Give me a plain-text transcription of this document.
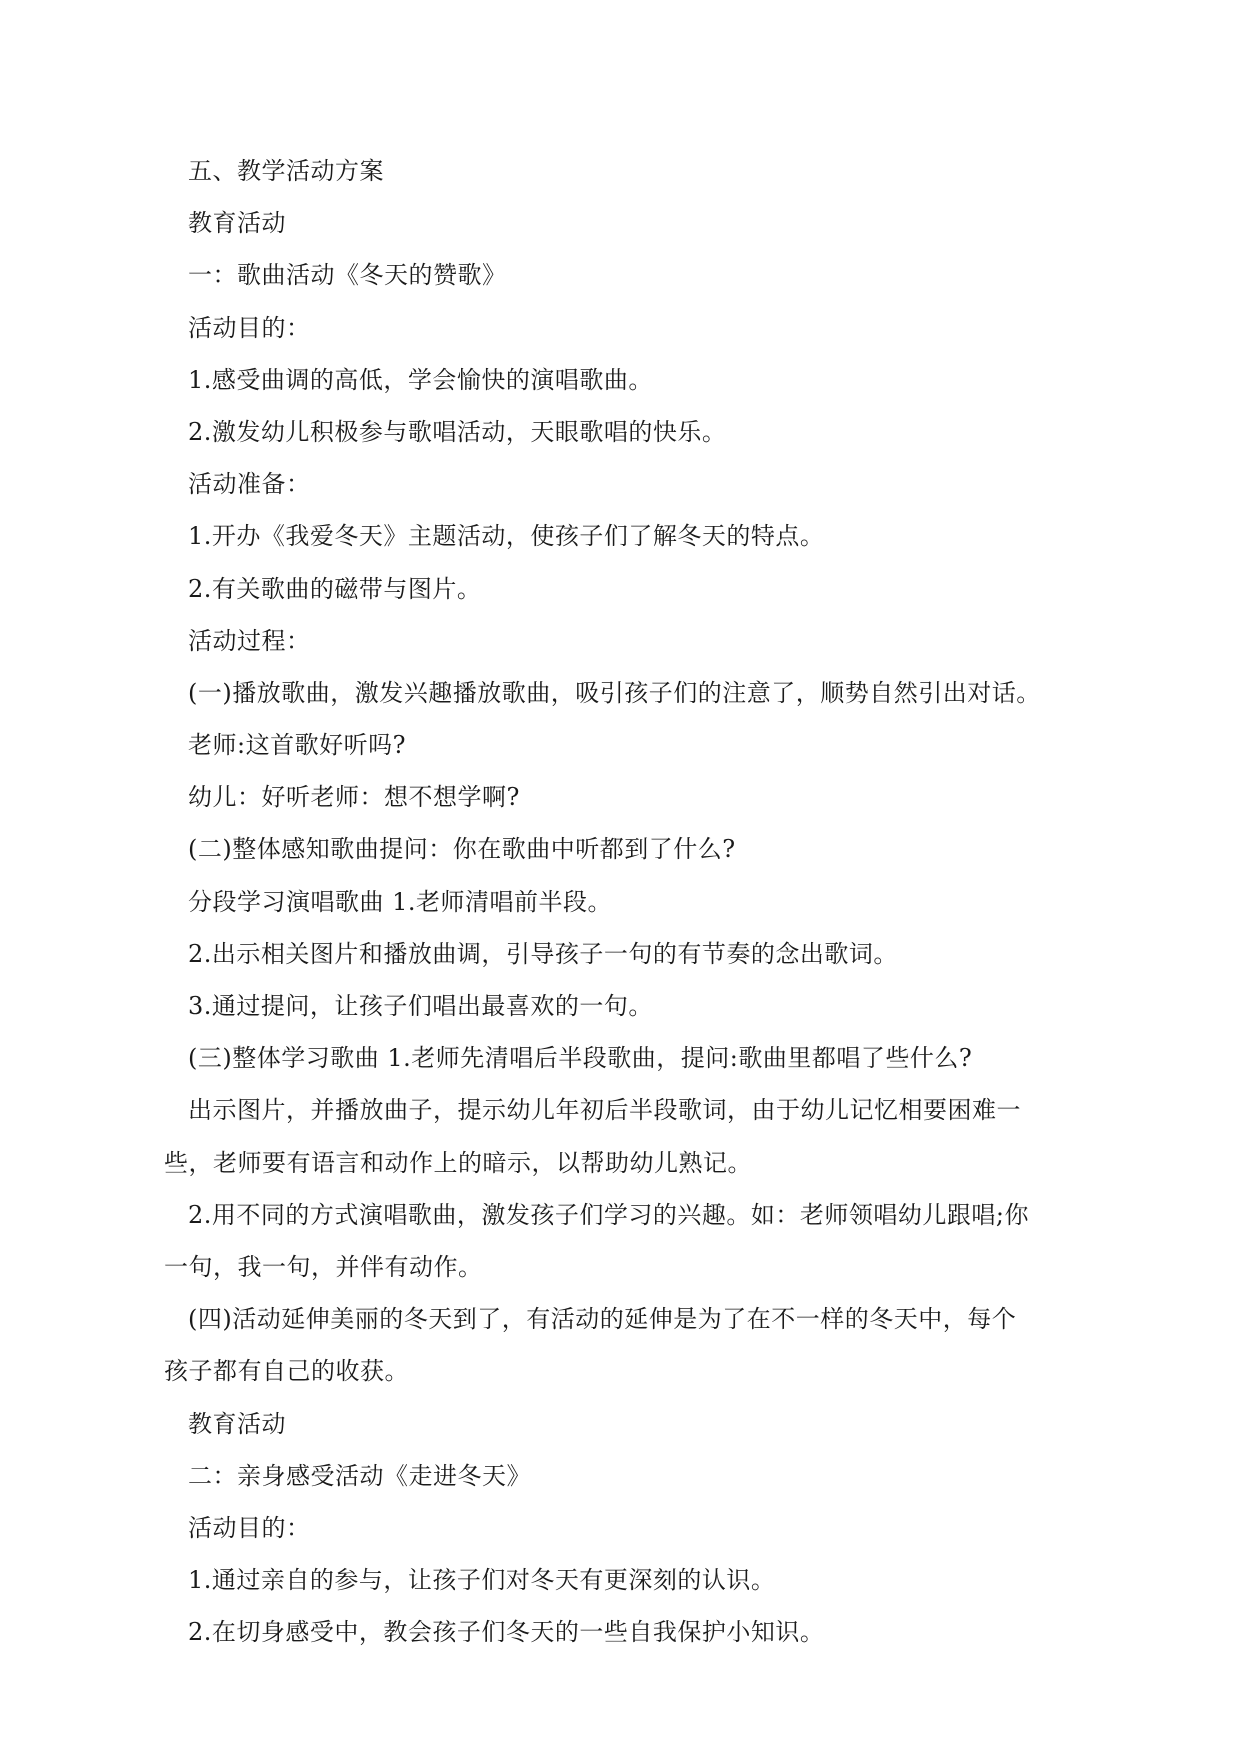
五、教学活动方案
教育活动
一：歌曲活动《冬天的赞歌》
活动目的：
1.感受曲调的高低，学会愉快的演唱歌曲。
2.激发幼儿积极参与歌唱活动，天眼歌唱的快乐。
活动准备：
1.开办《我爱冬天》主题活动，使孩子们了解冬天的特点。
2.有关歌曲的磁带与图片。
活动过程：
(一)播放歌曲，激发兴趣播放歌曲，吸引孩子们的注意了，顺势自然引出对话。
老师:这首歌好听吗?
幼儿：好听老师：想不想学啊?
(二)整体感知歌曲提问：你在歌曲中听都到了什么?
分段学习演唱歌曲 1.老师清唱前半段。
2.出示相关图片和播放曲调，引导孩子一句的有节奏的念出歌词。
3.通过提问，让孩子们唱出最喜欢的一句。
(三)整体学习歌曲 1.老师先清唱后半段歌曲，提问:歌曲里都唱了些什么?
出示图片，并播放曲子，提示幼儿年初后半段歌词，由于幼儿记忆相要困难一
些，老师要有语言和动作上的暗示，以帮助幼儿熟记。
2.用不同的方式演唱歌曲，激发孩子们学习的兴趣。如：老师领唱幼儿跟唱;你
一句，我一句，并伴有动作。
(四)活动延伸美丽的冬天到了，有活动的延伸是为了在不一样的冬天中，每个
孩子都有自己的收获。
教育活动
二：亲身感受活动《走进冬天》
活动目的：
1.通过亲自的参与，让孩子们对冬天有更深刻的认识。
2.在切身感受中，教会孩子们冬天的一些自我保护小知识。
